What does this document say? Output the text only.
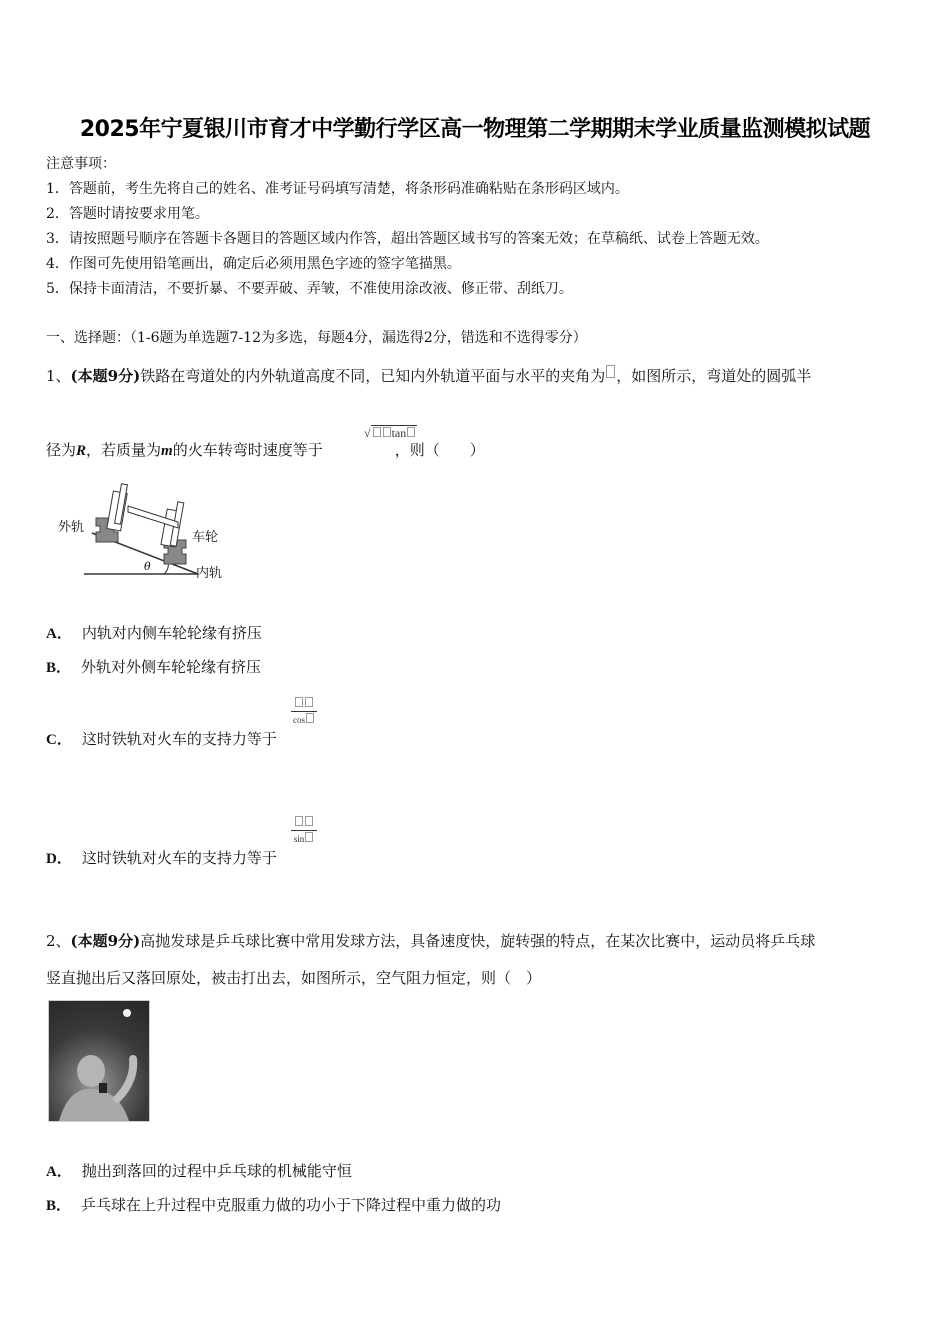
2025年宁夏银川市育才中学勤行学区高一物理第二学期期末学业质量监测模拟试题
注意事项：
1．答题前，考生先将自己的姓名、准考证号码填写清楚，将条形码准确粘贴在条形码区域内。
2．答题时请按要求用笔。
3．请按照题号顺序在答题卡各题目的答题区域内作答，超出答题区域书写的答案无效；在草稿纸、试卷上答题无效。
4．作图可先使用铅笔画出，确定后必须用黑色字迹的签字笔描黑。
5．保持卡面清洁，不要折暴、不要弄破、弄皱，不准使用涂改液、修正带、刮纸刀。
一、选择题：（1-6题为单选题7-12为多选，每题4分，漏选得2分，错选和不选得零分）
1、(本题9分)铁路在弯道处的内外轨道高度不同，已知内外轨道平面与水平的夹角为 ，如图所示，弯道处的圆弧半
径为R，若质量为m的火车转弯时速度等于	，则（　　）
√ tan
外轨
车轮
内轨
θ
A． 内轨对内侧车轮轮缘有挤压
B． 外轨对外侧车轮轮缘有挤压
C． 这时铁轨对火车的支持力等于
cos
D． 这时铁轨对火车的支持力等于
sin
2、(本题9分)高抛发球是乒乓球比赛中常用发球方法，具备速度快，旋转强的特点，在某次比赛中，运动员将乒乓球
竖直抛出后又落回原处，被击打出去，如图所示，空气阻力恒定，则（　）
A． 抛出到落回的过程中乒乓球的机械能守恒
B． 乒乓球在上升过程中克服重力做的功小于下降过程中重力做的功
